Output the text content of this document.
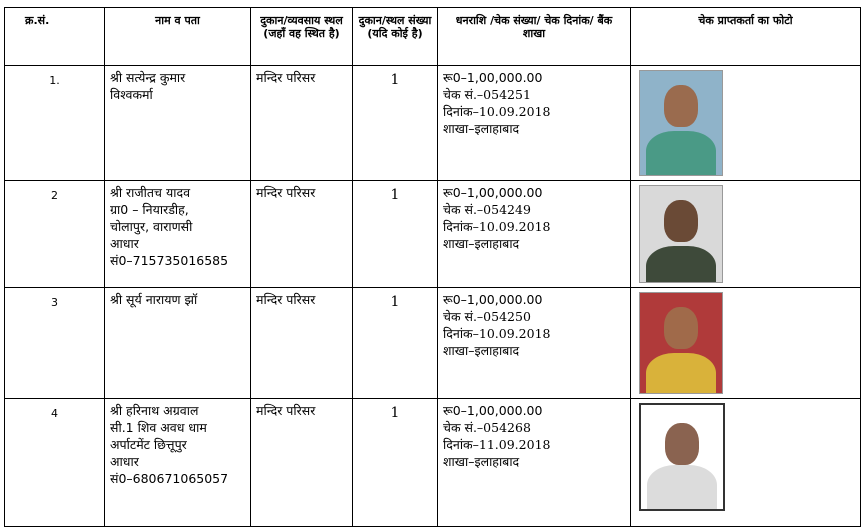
क्र.सं.	नाम व पता	दुकान/व्यवसाय स्थल (जहाँ वह स्थित है)	दुकान/स्थल संख्या (यदि कोई है)	धनराशि /चेक संख्या/ चेक दिनांक/ बैंक शाखा	चेक प्राप्तकर्ता का फोटो
1.	श्री सत्येन्द्र कुमार
विश्वकर्मा	मन्दिर परिसर	1	रू0–1,00,000.00
चेक सं.–054251
दिनांक–10.09.2018
शाखा–इलाहाबाद	

2	श्री राजीतच यादव
ग्रा0 – नियारडीह,
चोलापुर, वाराणसी
आधार
सं0–715735016585	मन्दिर परिसर	1	रू0–1,00,000.00
चेक सं.–054249
दिनांक–10.09.2018
शाखा–इलाहाबाद	

3	श्री सूर्य नारायण झॉ	मन्दिर परिसर	1	रू0–1,00,000.00
चेक सं.–054250
दिनांक–10.09.2018
शाखा–इलाहाबाद	

4	श्री हरिनाथ अग्रवाल
सी.1 शिव अवध धाम
अर्पाटमेंट छित्तूपुर
आधार
सं0–680671065057	मन्दिर परिसर	1	रू0–1,00,000.00
चेक सं.–054268
दिनांक–11.09.2018
शाखा–इलाहाबाद	
